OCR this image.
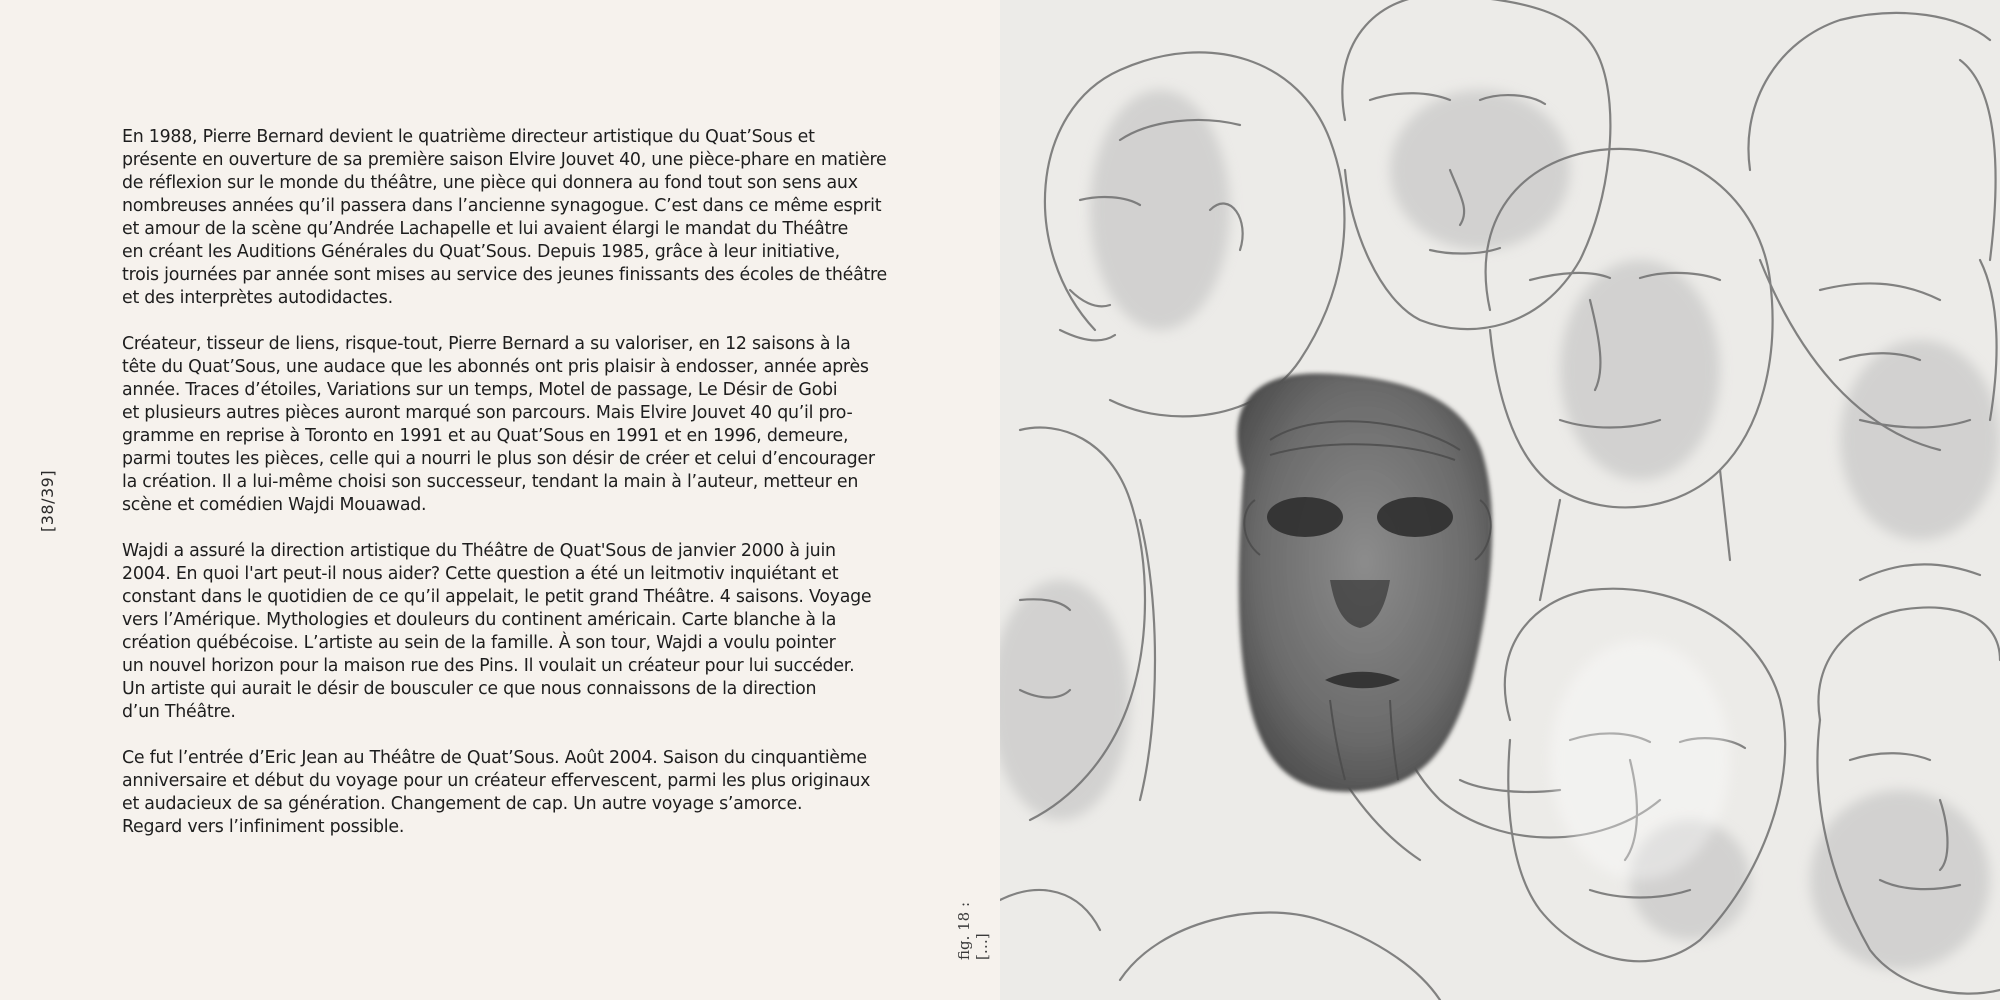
[38/39]

En 1988, Pierre Bernard devient le quatrième directeur artistique du Quat’Sous et
présente en ouverture de sa première saison Elvire Jouvet 40, une pièce-phare en matière
de réflexion sur le monde du théâtre, une pièce qui donnera au fond tout son sens aux
nombreuses années qu’il passera dans l’ancienne synagogue. C’est dans ce même esprit
et amour de la scène qu’Andrée Lachapelle et lui avaient élargi le mandat du Théâtre
en créant les Auditions Générales du Quat’Sous. Depuis 1985, grâce à leur initiative,
trois journées par année sont mises au service des jeunes finissants des écoles de théâtre
et des interprètes autodidactes.

Créateur, tisseur de liens, risque-tout, Pierre Bernard a su valoriser, en 12 saisons à la
tête du Quat’Sous, une audace que les abonnés ont pris plaisir à endosser, année après
année. Traces d’étoiles, Variations sur un temps, Motel de passage, Le Désir de Gobi
et plusieurs autres pièces auront marqué son parcours. Mais Elvire Jouvet 40 qu’il pro-
gramme en reprise à Toronto en 1991 et au Quat’Sous en 1991 et en 1996, demeure,
parmi toutes les pièces, celle qui a nourri le plus son désir de créer et celui d’encourager
la création. Il a lui-même choisi son successeur, tendant la main à l’auteur, metteur en
scène et comédien Wajdi Mouawad.

Wajdi a assuré la direction artistique du Théâtre de Quat'Sous de janvier 2000 à juin
2004. En quoi l'art peut-il nous aider? Cette question a été un leitmotiv inquiétant et
constant dans le quotidien de ce qu’il appelait, le petit grand Théâtre. 4 saisons. Voyage
vers l’Amérique. Mythologies et douleurs du continent américain. Carte blanche à la
création québécoise. L’artiste au sein de la famille. À son tour, Wajdi a voulu pointer
un nouvel horizon pour la maison rue des Pins. Il voulait un créateur pour lui succéder.
Un artiste qui aurait le désir de bousculer ce que nous connaissons de la direction
d’un Théâtre.

Ce fut l’entrée d’Eric Jean au Théâtre de Quat’Sous. Août 2004. Saison du cinquantième
anniversaire et début du voyage pour un créateur effervescent, parmi les plus originaux
et audacieux de sa génération. Changement de cap. Un autre voyage s’amorce.
Regard vers l’infiniment possible.

fig. 18 : […]
